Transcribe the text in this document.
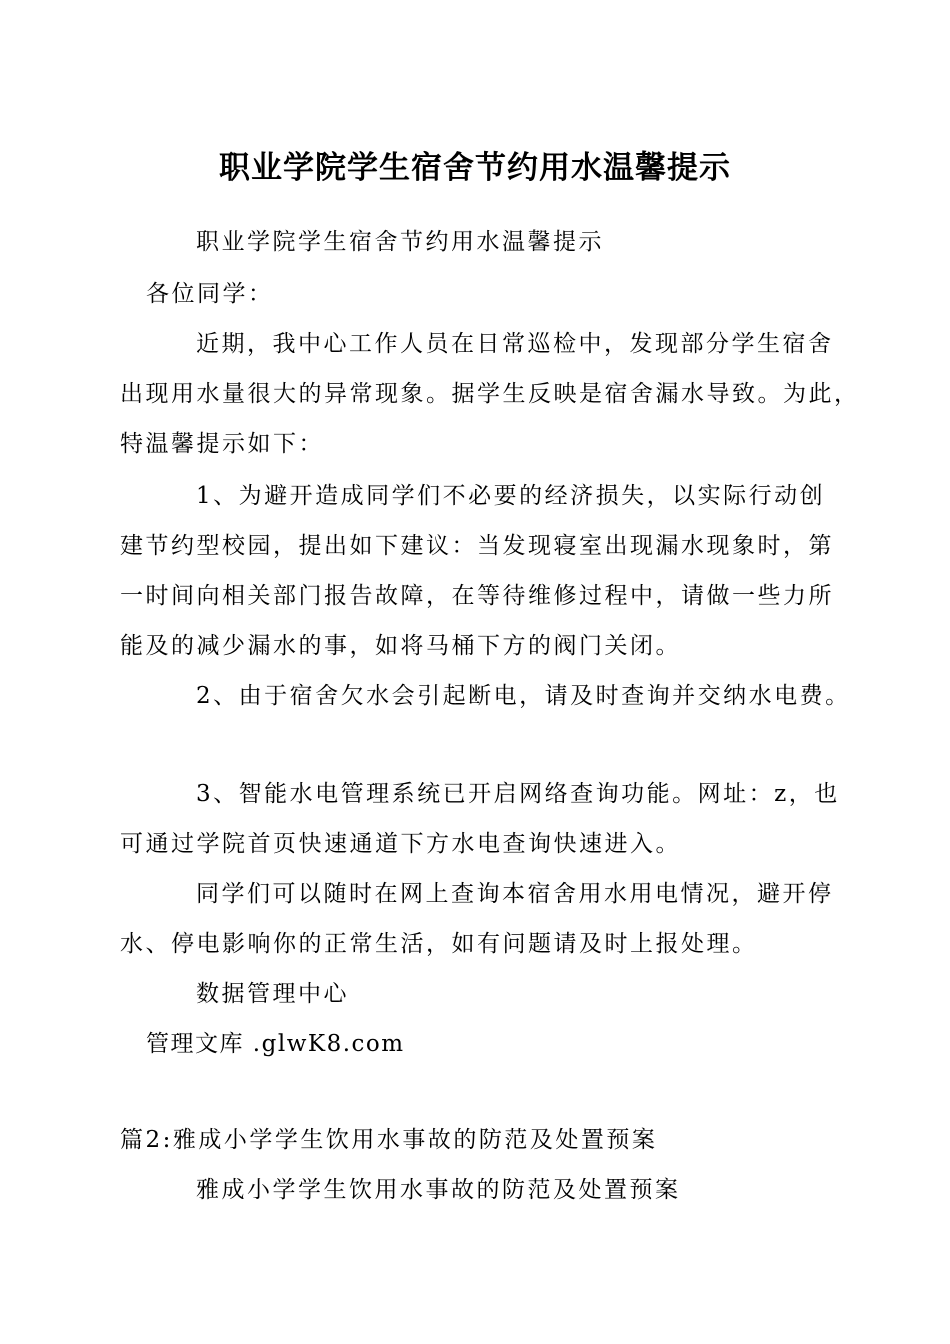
职业学院学生宿舍节约用水温馨提示

职业学院学生宿舍节约用水温馨提示

各位同学：

近期，我中心工作人员在日常巡检中，发现部分学生宿舍

出现用水量很大的异常现象。据学生反映是宿舍漏水导致。为此，

特温馨提示如下：

1、为避开造成同学们不必要的经济损失，以实际行动创

建节约型校园，提出如下建议：当发现寝室出现漏水现象时，第

一时间向相关部门报告故障，在等待维修过程中，请做一些力所

能及的减少漏水的事，如将马桶下方的阀门关闭。

2、由于宿舍欠水会引起断电，请及时查询并交纳水电费。

3、智能水电管理系统已开启网络查询功能。网址：z，也

可通过学院首页快速通道下方水电查询快速进入。

同学们可以随时在网上查询本宿舍用水用电情况，避开停

水、停电影响你的正常生活，如有问题请及时上报处理。

数据管理中心

管理文库 .glwK8.com

篇2:雅成小学学生饮用水事故的防范及处置预案

雅成小学学生饮用水事故的防范及处置预案
